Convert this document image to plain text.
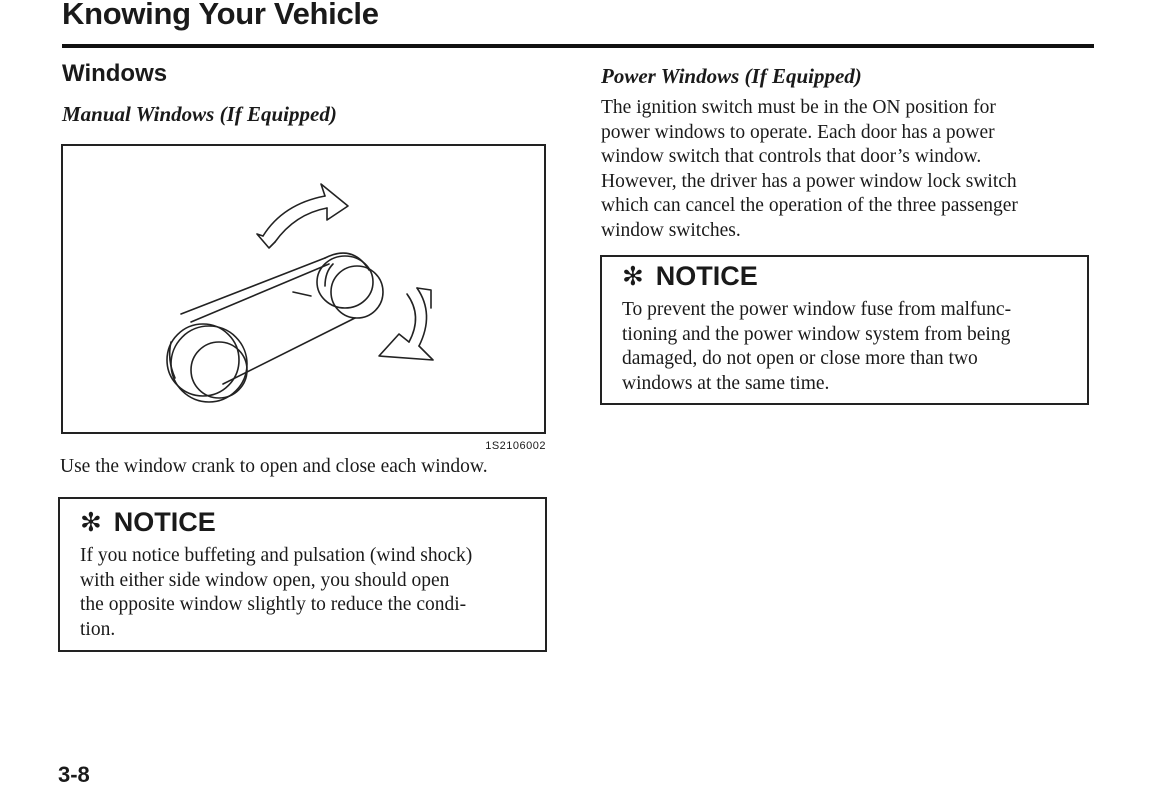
Knowing Your Vehicle
Windows
Manual Windows (If Equipped)
1S2106002
Use the window crank to open and close each window.
✻ NOTICE
If you notice buffeting and pulsation (wind shock)
with either side window open, you should open
the opposite window slightly to reduce the condi-
tion.
Power Windows (If Equipped)
The ignition switch must be in the ON position for
power windows to operate. Each door has a power
window switch that controls that door’s window.
However, the driver has a power window lock switch
which can cancel the operation of the three passenger
window switches.
✻ NOTICE
To prevent the power window fuse from malfunc-
tioning and the power window system from being
damaged, do not open or close more than two
windows at the same time.
3-8
